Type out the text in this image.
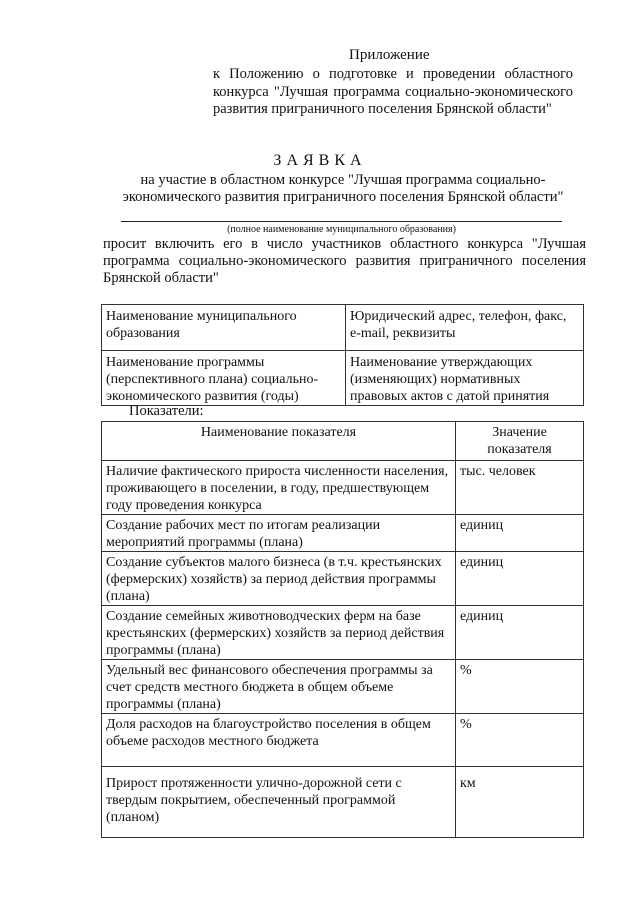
Приложение
к Положению о подготовке и проведении областного конкурса "Лучшая программа социально-экономического развития приграничного поселения Брянской области"
ЗАЯВКА
на участие в областном конкурсе "Лучшая программа социально-экономического развития приграничного поселения Брянской области"
(полное наименование муниципального образования)

просит включить его в число участников областного конкурса "Лучшая

программа социально-экономического развития приграничного поселения

Брянской области"

Наименование муниципального образования	Юридический адрес, телефон, факс, e-mail, реквизиты
Наименование программы (перспективного плана) социально-экономического развития (годы)	Наименование утверждающих (изменяющих) нормативных правовых актов с датой принятия
Показатели:
Наименование показателя	Значение показателя
Наличие фактического прироста численности населения, проживающего в поселении, в году, предшествующем году проведения конкурса	тыс. человек
Создание рабочих мест по итогам реализации мероприятий программы (плана)	единиц
Создание субъектов малого бизнеса (в т.ч. крестьянских (фермерских) хозяйств) за период действия программы (плана)	единиц
Создание семейных животноводческих ферм на базе крестьянских (фермерских) хозяйств за период действия программы (плана)	единиц
Удельный вес финансового обеспечения программы за счет средств местного бюджета в общем объеме программы (плана)	%
Доля расходов на благоустройство поселения в общем объеме расходов местного бюджета	%
Прирост протяженности улично-дорожной сети с твердым покрытием, обеспеченный программой (планом)	км
